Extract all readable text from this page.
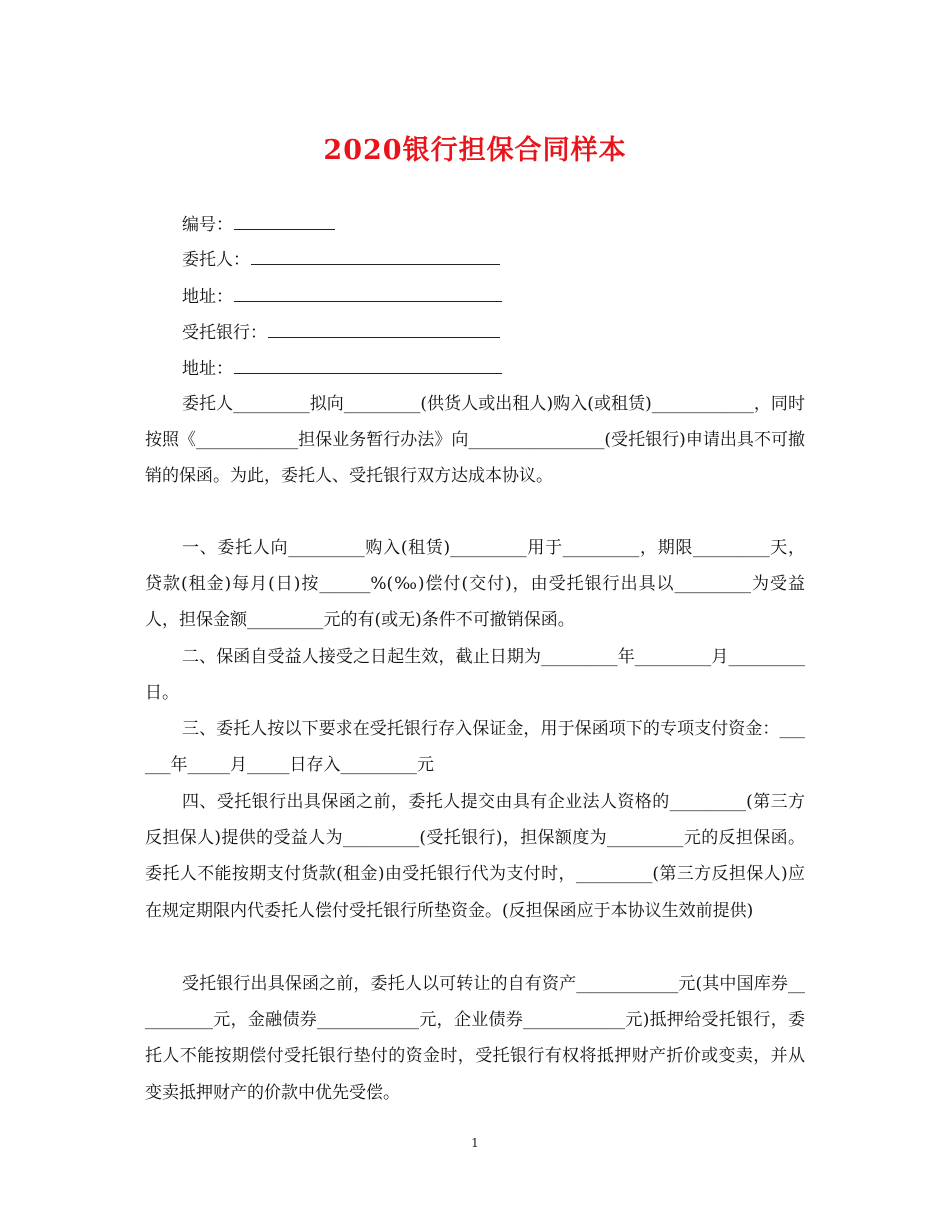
2020银行担保合同样本
编号：
委托人：
地址：
受托银行：
地址：

委托人_________拟向_________(供货人或出租人)购入(或租赁)____________，同时按照《____________担保业务暂行办法》向________________(受托银行)申请出具不可撤销的保函。为此，委托人、受托银行双方达成本协议。

一、委托人向_________购入(租赁)_________用于_________，期限_________天，贷款(租金)每月(日)按______%(‰)偿付(交付)，由受托银行出具以_________为受益人，担保金额_________元的有(或无)条件不可撤销保函。

二、保函自受益人接受之日起生效，截止日期为_________年_________月_________日。

三、委托人按以下要求在受托银行存入保证金，用于保函项下的专项支付资金：______年_____月_____日存入_________元

四、受托银行出具保函之前，委托人提交由具有企业法人资格的_________(第三方反担保人)提供的受益人为_________(受托银行)，担保额度为_________元的反担保函。委托人不能按期支付货款(租金)由受托银行代为支付时，_________(第三方反担保人)应在规定期限内代委托人偿付受托银行所垫资金。(反担保函应于本协议生效前提供)

受托银行出具保函之前，委托人以可转让的自有资产____________元(其中国库券__________元，金融债券____________元，企业债券____________元)抵押给受托银行，委托人不能按期偿付受托银行垫付的资金时，受托银行有权将抵押财产折价或变卖，并从变卖抵押财产的价款中优先受偿。

1
